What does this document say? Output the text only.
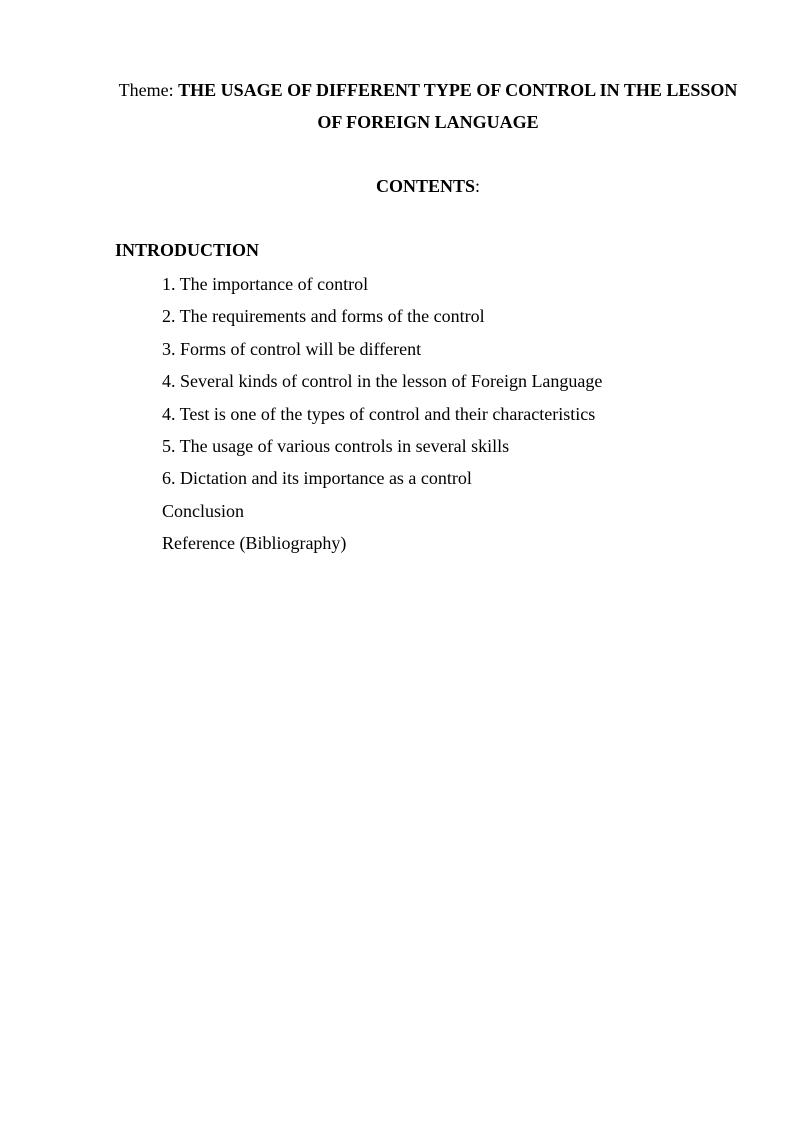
Theme: THE USAGE OF DIFFERENT TYPE OF CONTROL IN THE LESSON OF FOREIGN LANGUAGE
CONTENTS:
INTRODUCTION
1. The importance of control
2. The requirements and forms of the control
3. Forms of control will be different
4. Several kinds of control in the lesson of Foreign Language
4. Test is one of the types of control and their characteristics
5. The usage of various controls in several skills
6. Dictation and its importance as a control
Conclusion
Reference (Bibliography)
